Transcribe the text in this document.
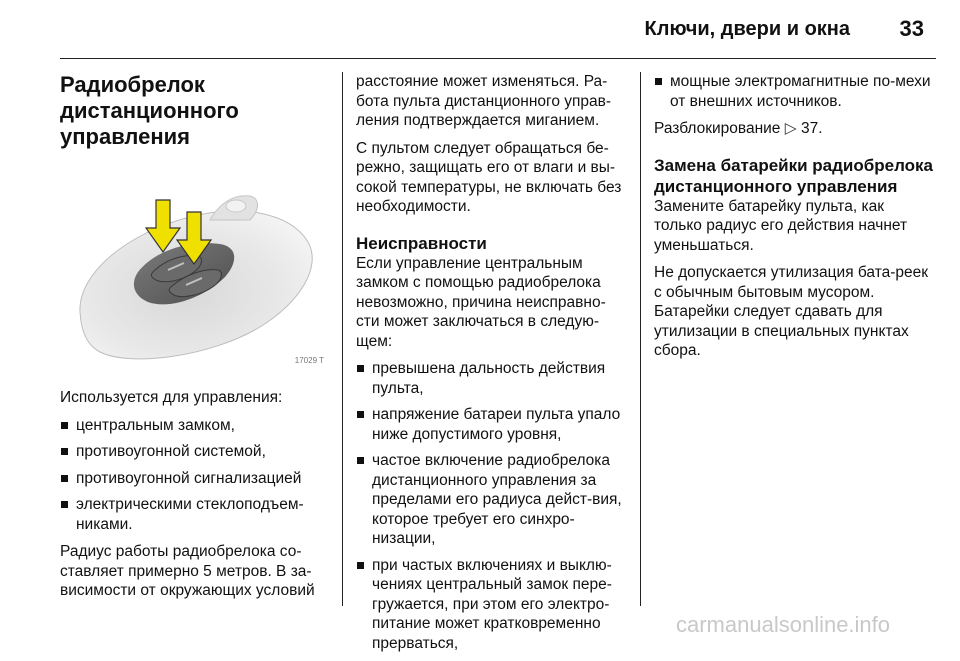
Ключи, двери и окна	33
Радиобрелок дистанционного управления
17029 T

Используется для управления:

центральным замком,
противоугонной системой,
противоугонной сигнализацией
электрическими стеклоподъем-никами.

Радиус работы радиобрелока со-ставляет примерно 5 метров. В за-висимости от окружающих условий

расстояние может изменяться. Ра-бота пульта дистанционного управ-ления подтверждается миганием.

С пультом следует обращаться бе-режно, защищать его от влаги и вы-сокой температуры, не включать без необходимости.

Неисправности

Если управление центральным замком с помощью радиобрелока невозможно, причина неисправно-сти может заключаться в следую-щем:

превышена дальность действия пульта,
напряжение батареи пульта упало ниже допустимого уровня,
частое включение радиобрелока дистанционного управления за пределами его радиуса дейст-вия, которое требует его синхро-низации,
при частых включениях и выклю-чениях центральный замок пере-гружается, при этом его электро-питание может кратковременно прерваться,
мощные электромагнитные по-мехи от внешних источников.

Разблокирование ▷ 37.

Замена батарейки радиобрелока дистанционного управления

Замените батарейку пульта, как только радиус его действия начнет уменьшаться.

Не допускается утилизация бата-реек с обычным бытовым мусором. Батарейки следует сдавать для утилизации в специальных пунктах сбора.

carmanualsonline.info
